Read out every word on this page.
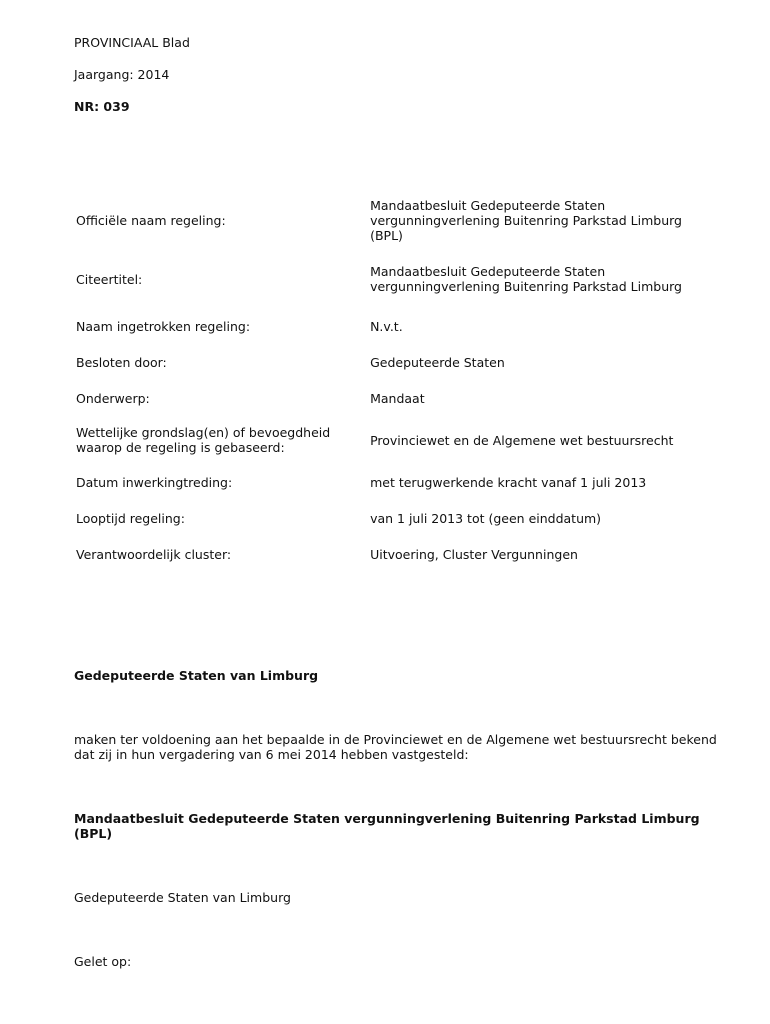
PROVINCIAAL Blad
Jaargang: 2014
NR: 039
Officiële naam regeling:	Mandaatbesluit Gedeputeerde Staten vergunningverlening Buitenring Parkstad Limburg (BPL)
Citeertitel:	Mandaatbesluit Gedeputeerde Staten vergunningverlening Buitenring Parkstad Limburg
Naam ingetrokken regeling:	N.v.t.
Besloten door:	Gedeputeerde Staten
Onderwerp:	Mandaat
Wettelijke grondslag(en) of bevoegdheid waarop de regeling is gebaseerd:	Provinciewet en de Algemene wet bestuursrecht
Datum inwerkingtreding:	met terugwerkende kracht vanaf 1 juli 2013
Looptijd regeling:	van 1 juli 2013 tot (geen einddatum)
Verantwoordelijk cluster:	Uitvoering, Cluster Vergunningen
Gedeputeerde Staten van Limburg
maken ter voldoening aan het bepaalde in de Provinciewet en de Algemene wet bestuursrecht bekend dat zij in hun vergadering van 6 mei 2014 hebben vastgesteld:
Mandaatbesluit Gedeputeerde Staten vergunningverlening Buitenring Parkstad Limburg (BPL)
Gedeputeerde Staten van Limburg
Gelet op:
